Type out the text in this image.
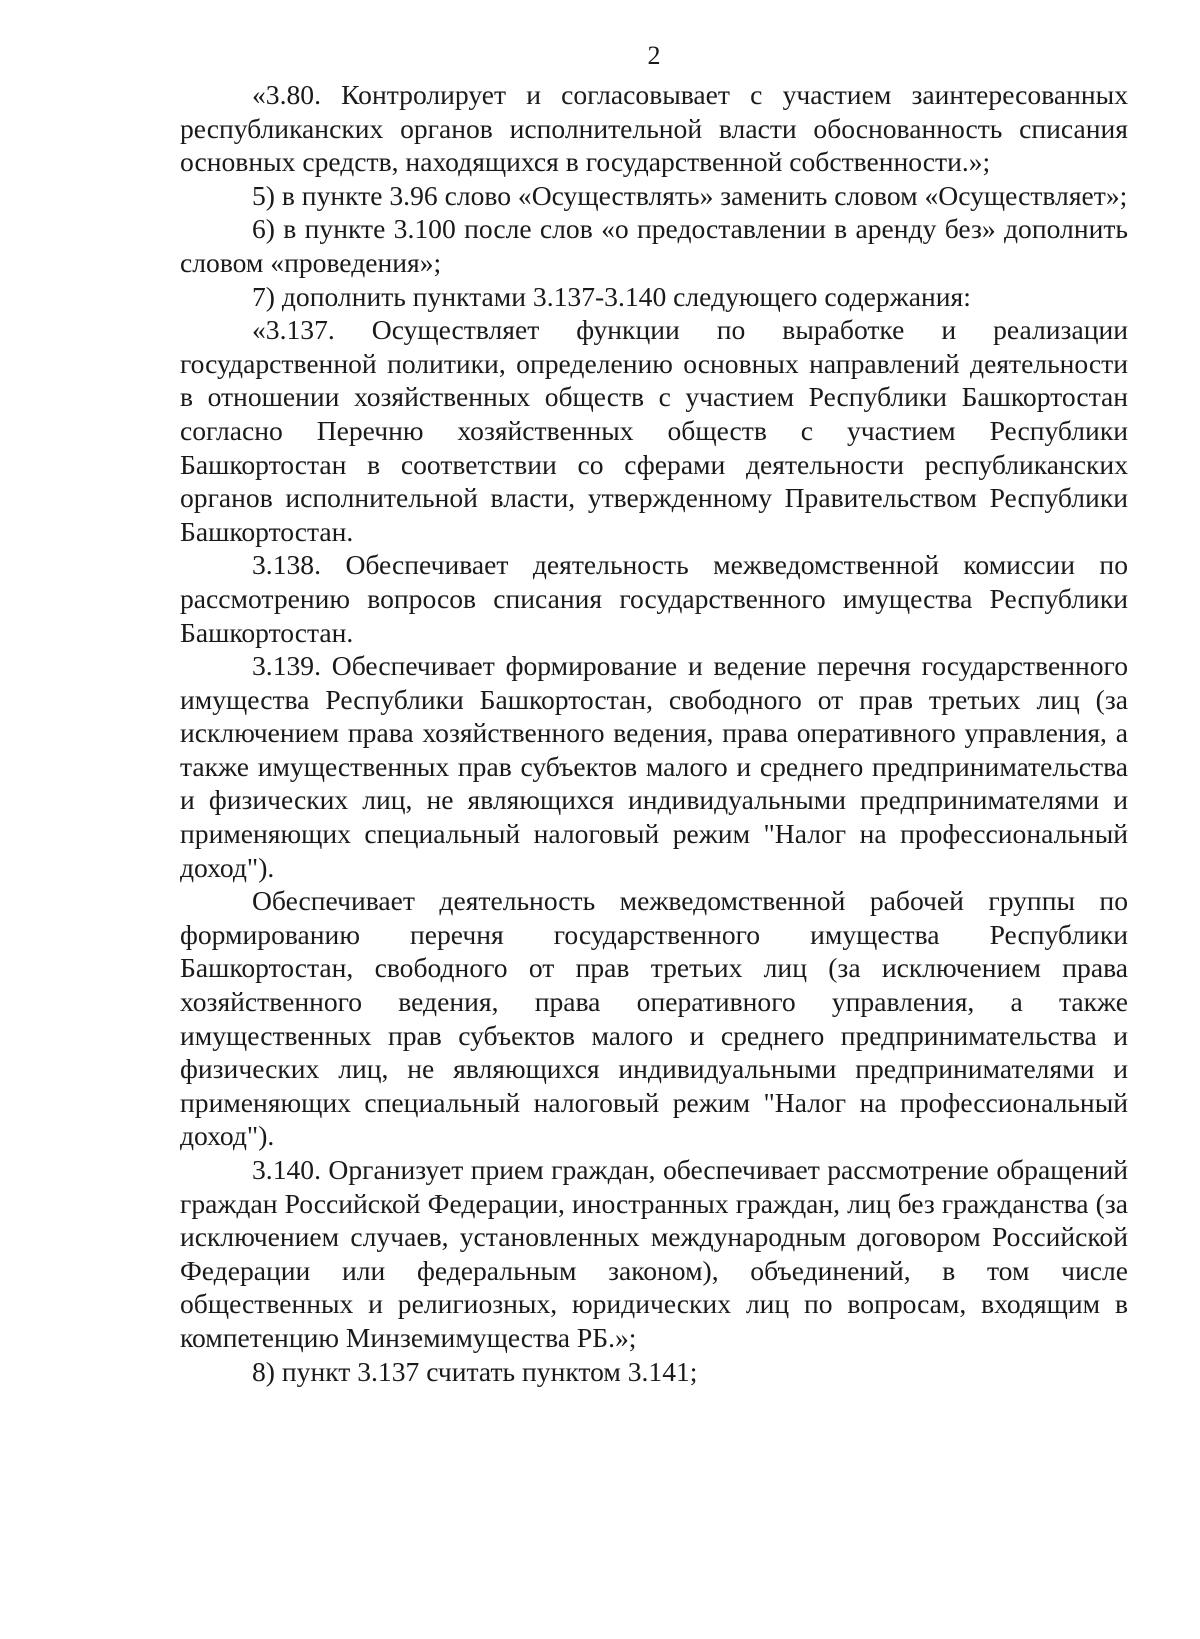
2

«3.80. Контролирует и согласовывает с участием заинтересованных республиканских органов исполнительной власти обоснованность списания основных средств, находящихся в государственной собственности.»;

5) в пункте 3.96 слово «Осуществлять» заменить словом «Осуществляет»;

6) в пункте 3.100 после слов «о предоставлении в аренду без» дополнить словом «проведения»;

7) дополнить пунктами 3.137-3.140 следующего содержания:

«3.137. Осуществляет функции по выработке и реализации государственной политики, определению основных направлений деятельности в отношении хозяйственных обществ с участием Республики Башкортостан согласно Перечню хозяйственных обществ с участием Республики Башкортостан в соответствии со сферами деятельности республиканских органов исполнительной власти, утвержденному Правительством Республики Башкортостан.

3.138. Обеспечивает деятельность межведомственной комиссии по рассмотрению вопросов списания государственного имущества Республики Башкортостан.

3.139. Обеспечивает формирование и ведение перечня государственного имущества Республики Башкортостан, свободного от прав третьих лиц (за исключением права хозяйственного ведения, права оперативного управления, а также имущественных прав субъектов малого и среднего предпринимательства и физических лиц, не являющихся индивидуальными предпринимателями и применяющих специальный налоговый режим "Налог на профессиональный доход").

Обеспечивает деятельность межведомственной рабочей группы по формированию перечня государственного имущества Республики Башкортостан, свободного от прав третьих лиц (за исключением права хозяйственного ведения, права оперативного управления, а также имущественных прав субъектов малого и среднего предпринимательства и физических лиц, не являющихся индивидуальными предпринимателями и применяющих специальный налоговый режим "Налог на профессиональный доход").

3.140. Организует прием граждан, обеспечивает рассмотрение обращений граждан Российской Федерации, иностранных граждан, лиц без гражданства (за исключением случаев, установленных международным договором Российской Федерации или федеральным законом), объединений, в том числе общественных и религиозных, юридических лиц по вопросам, входящим в компетенцию Минземимущества РБ.»;

8) пункт 3.137 считать пунктом 3.141;
